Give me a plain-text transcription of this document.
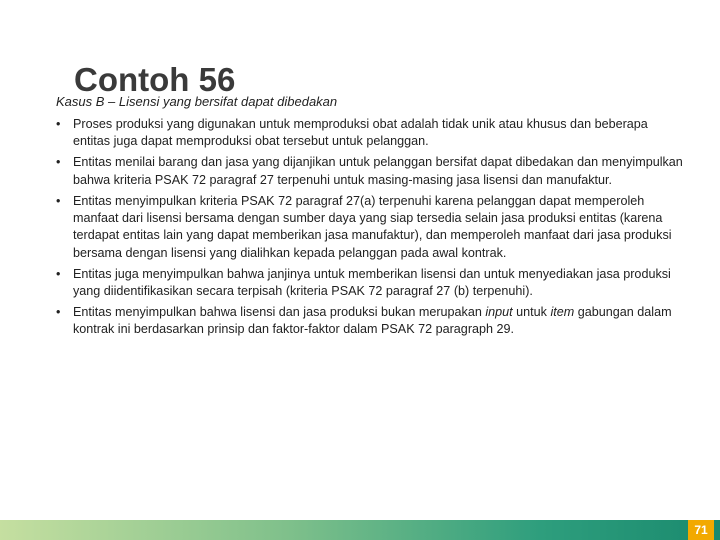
Contoh 56
Kasus B – Lisensi yang bersifat dapat dibedakan
• Proses produksi yang digunakan untuk memproduksi obat adalah tidak unik atau khusus dan beberapa entitas juga dapat memproduksi obat tersebut untuk pelanggan.
• Entitas menilai barang dan jasa yang dijanjikan untuk pelanggan bersifat dapat dibedakan dan menyimpulkan bahwa kriteria PSAK 72 paragraf 27 terpenuhi untuk masing-masing jasa lisensi dan manufaktur.
• Entitas menyimpulkan kriteria PSAK 72 paragraf 27(a) terpenuhi karena pelanggan dapat memperoleh manfaat dari lisensi bersama dengan sumber daya yang siap tersedia selain jasa produksi entitas (karena terdapat entitas lain yang dapat memberikan jasa manufaktur), dan memperoleh manfaat dari jasa produksi bersama dengan lisensi yang dialihkan kepada pelanggan pada awal kontrak.
• Entitas juga menyimpulkan bahwa janjinya untuk memberikan lisensi dan untuk menyediakan jasa produksi yang diidentifikasikan secara terpisah (kriteria PSAK 72 paragraf 27 (b) terpenuhi).
• Entitas menyimpulkan bahwa lisensi dan jasa produksi bukan merupakan input untuk item gabungan dalam kontrak ini berdasarkan prinsip dan faktor-faktor dalam PSAK 72 paragraph 29.
71
